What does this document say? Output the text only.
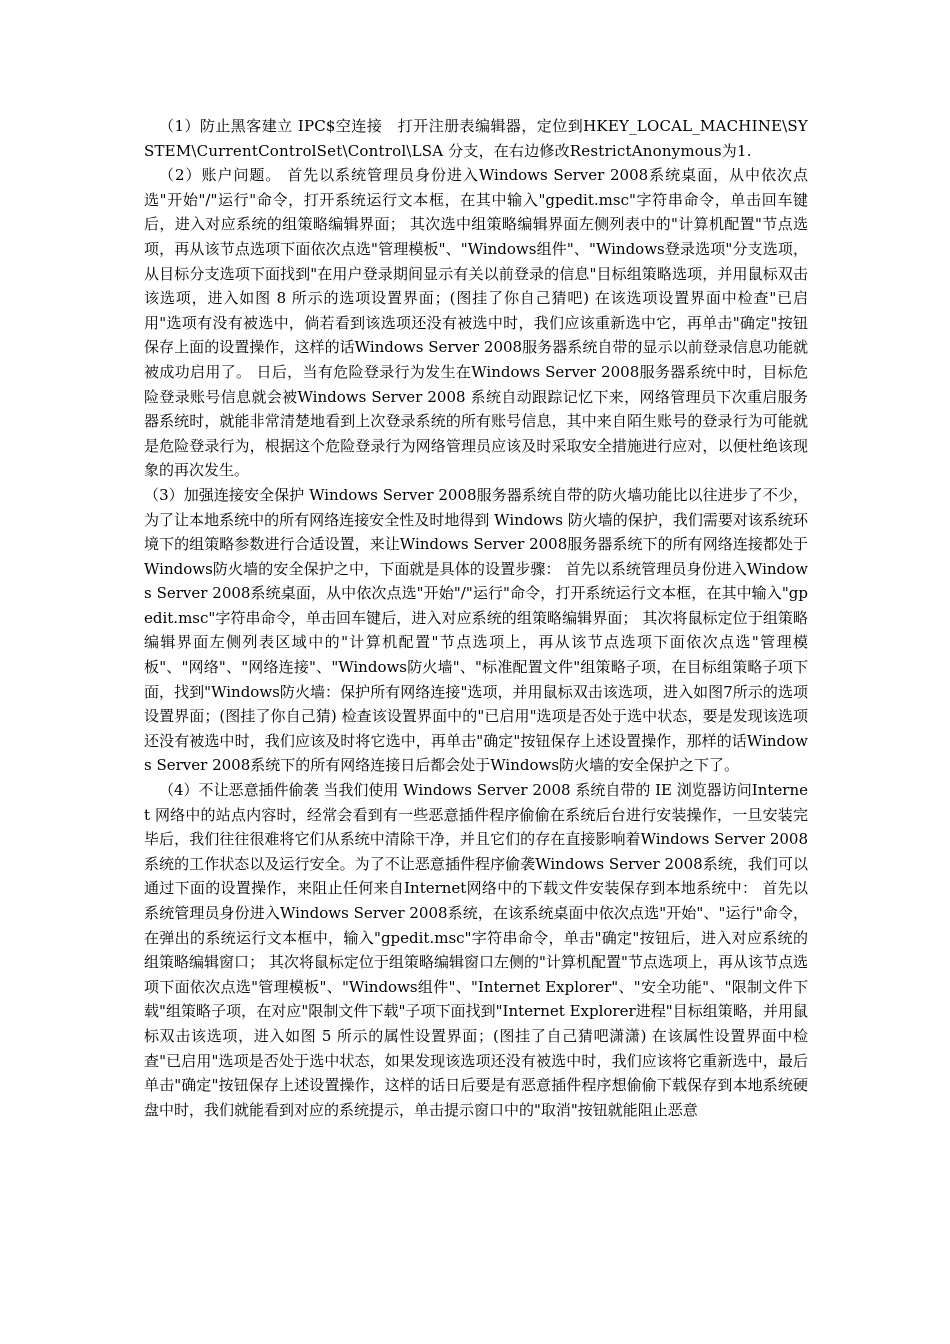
（1）防止黑客建立 IPC$空连接　打开注册表编辑器，定位到HKEY_LOCAL_MACHINE\SYSTEM\CurrentControlSet\Control\LSA 分支，在右边修改RestrictAnonymous为1.

（2）账户问题。 首先以系统管理员身份进入Windows Server 2008系统桌面，从中依次点选"开始"/"运行"命令，打开系统运行文本框，在其中输入"gpedit.msc"字符串命令，单击回车键后，进入对应系统的组策略编辑界面； 其次选中组策略编辑界面左侧列表中的"计算机配置"节点选项，再从该节点选项下面依次点选"管理模板"、"Windows组件"、"Windows登录选项"分支选项，从目标分支选项下面找到"在用户登录期间显示有关以前登录的信息"目标组策略选项，并用鼠标双击该选项，进入如图 8 所示的选项设置界面；(图挂了你自己猜吧) 在该选项设置界面中检查"已启用"选项有没有被选中，倘若看到该选项还没有被选中时，我们应该重新选中它，再单击"确定"按钮保存上面的设置操作，这样的话Windows Server 2008服务器系统自带的显示以前登录信息功能就被成功启用了。 日后，当有危险登录行为发生在Windows Server 2008服务器系统中时，目标危险登录账号信息就会被Windows Server 2008 系统自动跟踪记忆下来，网络管理员下次重启服务器系统时，就能非常清楚地看到上次登录系统的所有账号信息，其中来自陌生账号的登录行为可能就是危险登录行为，根据这个危险登录行为网络管理员应该及时采取安全措施进行应对，以便杜绝该现象的再次发生。

（3）加强连接安全保护 Windows Server 2008服务器系统自带的防火墙功能比以往进步了不少，为了让本地系统中的所有网络连接安全性及时地得到 Windows 防火墙的保护，我们需要对该系统环境下的组策略参数进行合适设置，来让Windows Server 2008服务器系统下的所有网络连接都处于Windows防火墙的安全保护之中，下面就是具体的设置步骤： 首先以系统管理员身份进入Windows Server 2008系统桌面，从中依次点选"开始"/"运行"命令，打开系统运行文本框，在其中输入"gpedit.msc"字符串命令，单击回车键后，进入对应系统的组策略编辑界面； 其次将鼠标定位于组策略编辑界面左侧列表区域中的"计算机配置"节点选项上，再从该节点选项下面依次点选"管理模板"、"网络"、"网络连接"、"Windows防火墙"、"标准配置文件"组策略子项，在目标组策略子项下面，找到"Windows防火墙：保护所有网络连接"选项，并用鼠标双击该选项，进入如图7所示的选项设置界面；(图挂了你自己猜) 检查该设置界面中的"已启用"选项是否处于选中状态，要是发现该选项还没有被选中时，我们应该及时将它选中，再单击"确定"按钮保存上述设置操作，那样的话Windows Server 2008系统下的所有网络连接日后都会处于Windows防火墙的安全保护之下了。

（4）不让恶意插件偷袭 当我们使用 Windows Server 2008 系统自带的 IE 浏览器访问Internet 网络中的站点内容时，经常会看到有一些恶意插件程序偷偷在系统后台进行安装操作，一旦安装完毕后，我们往往很难将它们从系统中清除干净，并且它们的存在直接影响着Windows Server 2008系统的工作状态以及运行安全。为了不让恶意插件程序偷袭Windows Server 2008系统，我们可以通过下面的设置操作，来阻止任何来自Internet网络中的下载文件安装保存到本地系统中： 首先以系统管理员身份进入Windows Server 2008系统，在该系统桌面中依次点选"开始"、"运行"命令，在弹出的系统运行文本框中，输入"gpedit.msc"字符串命令，单击"确定"按钮后，进入对应系统的组策略编辑窗口； 其次将鼠标定位于组策略编辑窗口左侧的"计算机配置"节点选项上，再从该节点选项下面依次点选"管理模板"、"Windows组件"、"Internet Explorer"、"安全功能"、"限制文件下载"组策略子项，在对应"限制文件下载"子项下面找到"Internet Explorer进程"目标组策略，并用鼠标双击该选项，进入如图 5 所示的属性设置界面；(图挂了自己猜吧潇潇) 在该属性设置界面中检查"已启用"选项是否处于选中状态，如果发现该选项还没有被选中时，我们应该将它重新选中，最后单击"确定"按钮保存上述设置操作，这样的话日后要是有恶意插件程序想偷偷下载保存到本地系统硬盘中时，我们就能看到对应的系统提示，单击提示窗口中的"取消"按钮就能阻止恶意
